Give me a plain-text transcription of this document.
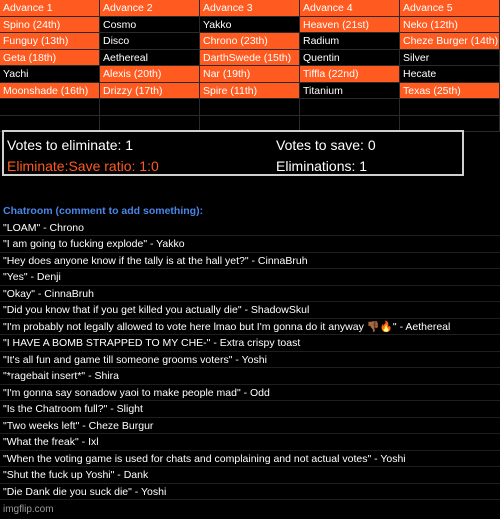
Advance 1	Advance 2	Advance 3	Advance 4	Advance 5
Spino (24th)	Cosmo	Yakko	Heaven (21st)	Neko (12th)
Funguy (13th)	Disco	Chrono (23th)	Radium	Cheze Burger (14th)
Geta (18th)	Aethereal	DarthSwede (15th)	Quentin	Silver
Yachi	Alexis (20th)	Nar (19th)	Tiffla (22nd)	Hecate
Moonshade (16th)	Drizzy (17th)	Spire (11th)	Titanium	Texas (25th)
Votes to eliminate: 1
Eliminate:Save ratio: 1:0
Votes to save: 0
Eliminations: 1
Chatroom (comment to add something):
"LOAM" - Chrono
"I am going to fucking explode" - Yakko
"Hey does anyone know if the tally is at the hall yet?" - CinnaBruh
"Yes" - Denji
"Okay" - CinnaBruh
"Did you know that if you get killed you actually die" - ShadowSkul
"I'm probably not legally allowed to vote here lmao but I'm gonna do it anyway 👎🏾🔥" - Aethereal
"I HAVE A BOMB STRAPPED TO MY CHE-" - Extra crispy toast
"It's all fun and game till someone grooms voters" - Yoshi
"*ragebait insert*" - Shira
"I'm gonna say sonadow yaoi to make people mad" - Odd
"Is the Chatroom full?" - Slight
"Two weeks left" - Cheze Burgur
"What the freak" - Ixl
"When the voting game is used for chats and complaining and not actual votes" - Yoshi
"Shut the fuck up Yoshi" - Dank
"Die Dank die you suck die" - Yoshi
imgflip.com
